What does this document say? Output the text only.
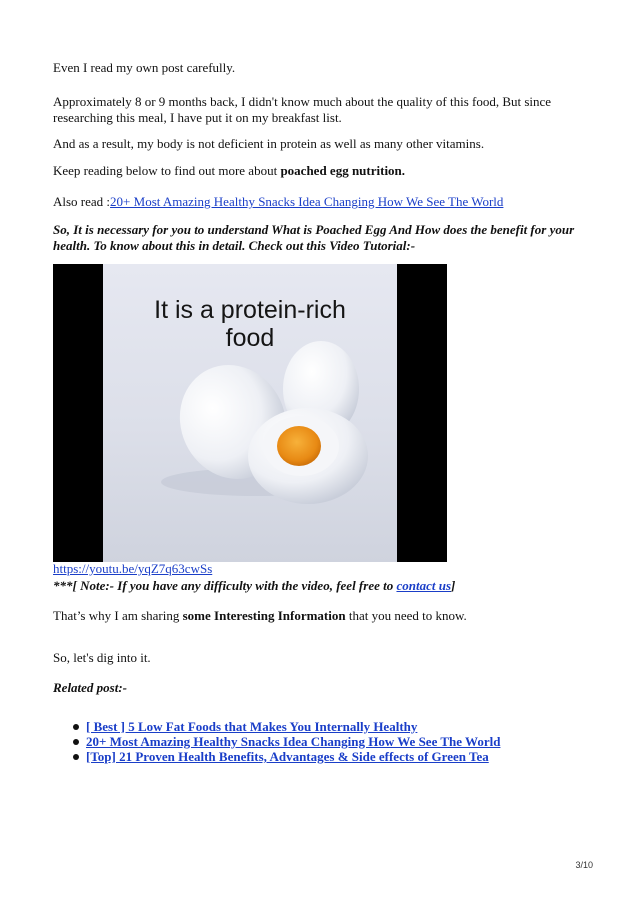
Even I read my own post carefully.

Approximately 8 or 9 months back, I didn't know much about the quality of this food, But since
researching this meal, I have put it on my breakfast list.

And as a result, my body is not deficient in protein as well as many other vitamins.

Keep reading below to find out more about poached egg nutrition.

Also read :20+ Most Amazing Healthy Snacks Idea Changing How We See The World

So, It is necessary for you to understand What is Poached Egg And How does the benefit for your
health. To know about this in detail. Check out this Video Tutorial:-

It is a protein-rich
food

https://youtu.be/yqZ7q63cwSs

***[ Note:- If you have any difficulty with the video, feel free to contact us]

That’s why I am sharing some Interesting Information that you need to know.

So, let's dig into it.

Related post:-

[ Best ] 5 Low Fat Foods that Makes You Internally Healthy
20+ Most Amazing Healthy Snacks Idea Changing How We See The World
[Top] 21 Proven Health Benefits, Advantages & Side effects of Green Tea
3/10
